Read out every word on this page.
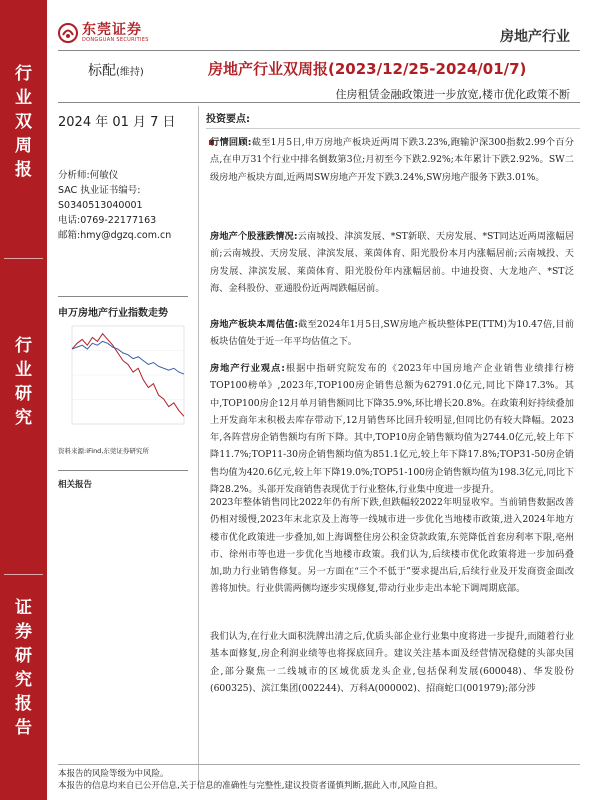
行
业
双
周
报
行
业
研
究
证
券
研
究
报
告
东莞证券
DONGGUAN SECURITIES	房地产行业
标配(维持)	房地产行业双周报(2023/12/25-2024/01/7)
住房租赁金融政策进一步放宽,楼市优化政策不断
2024 年 01 月 7 日
分析师:何敏仪
SAC 执业证书编号:
S0340513040001
电话:0769-22177163
邮箱:hmy@dgzq.com.cn
申万房地产行业指数走势
资料来源:iFind,东莞证券研究所
相关报告
投资要点:
行情回顾:截至1月5日,申万房地产板块近两周下跌3.23%,跑输沪深300指数2.99个百分点,在申万31个行业中排名倒数第3位;月初至今下跌2.92%;本年累计下跌2.92%。SW二级房地产板块方面,近两周SW房地产开发下跌3.24%,SW房地产服务下跌3.01%。
房地产个股涨跌情况:云南城投、津滨发展、*ST新联、天房发展、*ST同达近两周涨幅居前;云南城投、天房发展、津滨发展、莱茵体育、阳光股份本月内涨幅居前;云南城投、天房发展、津滨发展、莱茵体育、阳光股份年内涨幅居前。中迪投资、大龙地产、*ST泛海、金科股份、亚通股份近两周跌幅居前。
房地产板块本周估值:截至2024年1月5日,SW房地产板块整体PE(TTM)为10.47倍,目前板块估值处于近一年平均估值之下。
房地产行业观点:根据中指研究院发布的《2023年中国房地产企业销售业绩排行榜TOP100榜单》,2023年,TOP100房企销售总额为62791.0亿元,同比下降17.3%。其中,TOP100房企12月单月销售额同比下降35.9%,环比增长20.8%。在政策利好持续叠加上开发商年末积极去库存带动下,12月销售环比回升较明显,但同比仍有较大降幅。2023年,各阵营房企销售额均有所下降。其中,TOP10房企销售额均值为2744.0亿元,较上年下降11.7%;TOP11-30房企销售额均值为851.1亿元,较上年下降17.8%;TOP31-50房企销售均值为420.6亿元,较上年下降19.0%;TOP51-100房企销售额均值为198.3亿元,同比下降28.2%。头部开发商销售表现优于行业整体,行业集中度进一步提升。
2023年整体销售同比2022年仍有所下跌,但跌幅较2022年明显收窄。当前销售数据改善仍相对缓慢,2023年末北京及上海等一线城市进一步优化当地楼市政策,进入2024年地方楼市优化政策进一步叠加,如上海调整住房公积金贷款政策,东莞降低首套房利率下限,亳州市、徐州市等也进一步优化当地楼市政策。我们认为,后续楼市优化政策将进一步加码叠加,助力行业销售修复。另一方面在“三个不低于”要求提出后,后续行业及开发商资金面改善将加快。行业供需两侧均逐步实现修复,带动行业步走出本轮下调周期底部。
我们认为,在行业大面积洗牌出清之后,优质头部企业行业集中度将进一步提升,而随着行业基本面修复,房企利润业绩等也将探底回升。建议关注基本面及经营情况稳健的头部央国企,部分聚焦一二线城市的区域优质龙头企业,包括保利发展(600048)、华发股份(600325)、滨江集团(002244)、万科A(000002)、招商蛇口(001979);部分涉
本报告的风险等级为中风险。
本报告的信息均来自已公开信息,关于信息的准确性与完整性,建议投资者谨慎判断,据此入市,风险自担。
